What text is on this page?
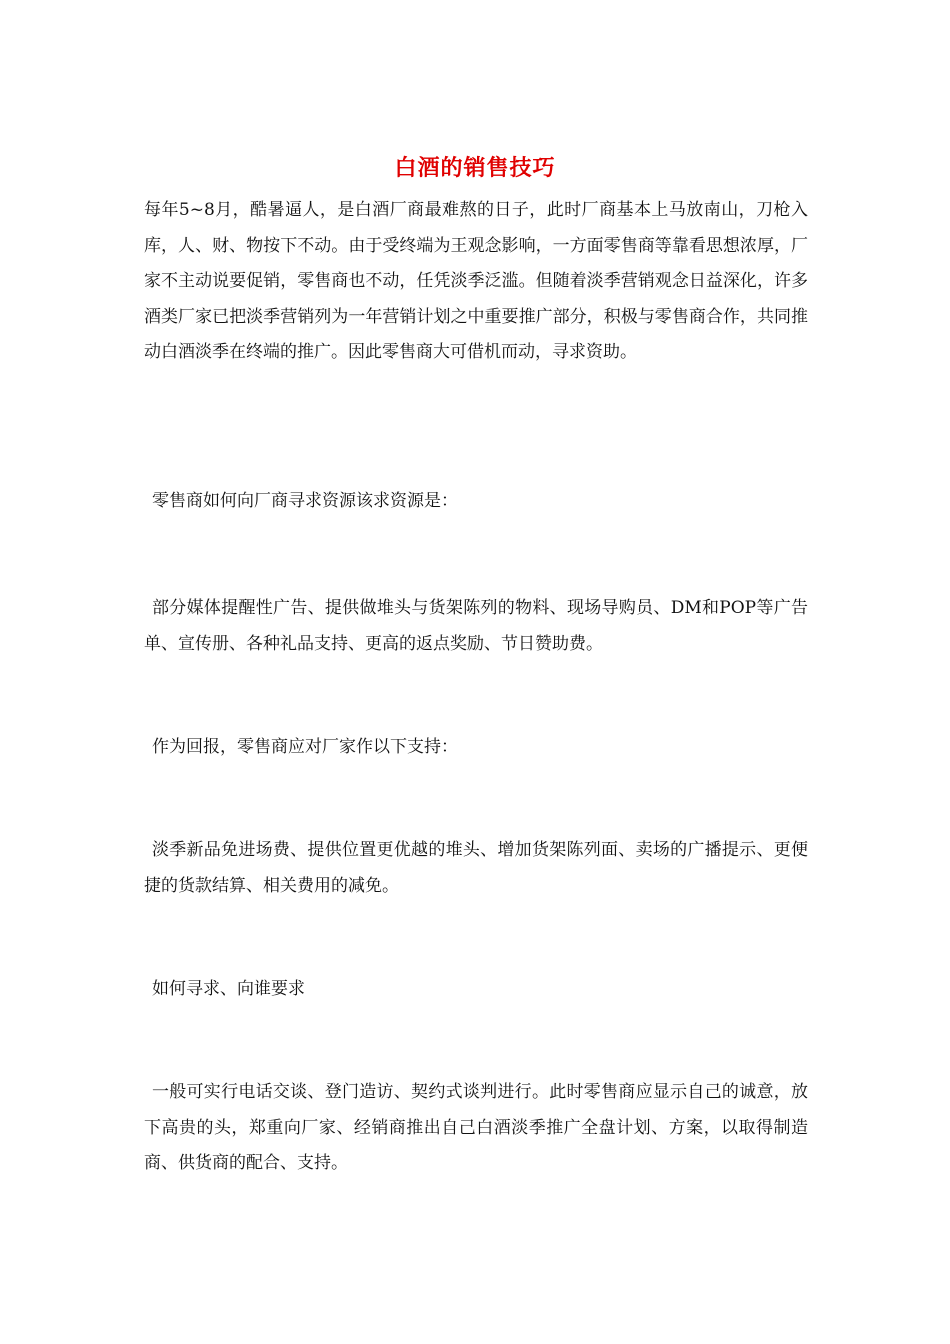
白酒的销售技巧

每年5~8月，酷暑逼人，是白酒厂商最难熬的日子，此时厂商基本上马放南山，刀枪入库，人、财、物按下不动。由于受终端为王观念影响，一方面零售商等靠看思想浓厚，厂家不主动说要促销，零售商也不动，任凭淡季泛滥。但随着淡季营销观念日益深化，许多酒类厂家已把淡季营销列为一年营销计划之中重要推广部分，积极与零售商合作，共同推动白酒淡季在终端的推广。因此零售商大可借机而动，寻求资助。

零售商如何向厂商寻求资源该求资源是：

部分媒体提醒性广告、提供做堆头与货架陈列的物料、现场导购员、DM和POP等广告单、宣传册、各种礼品支持、更高的返点奖励、节日赞助费。

作为回报，零售商应对厂家作以下支持：

淡季新品免进场费、提供位置更优越的堆头、增加货架陈列面、卖场的广播提示、更便捷的货款结算、相关费用的减免。

如何寻求、向谁要求

一般可实行电话交谈、登门造访、契约式谈判进行。此时零售商应显示自己的诚意，放下高贵的头，郑重向厂家、经销商推出自己白酒淡季推广全盘计划、方案，以取得制造商、供货商的配合、支持。
